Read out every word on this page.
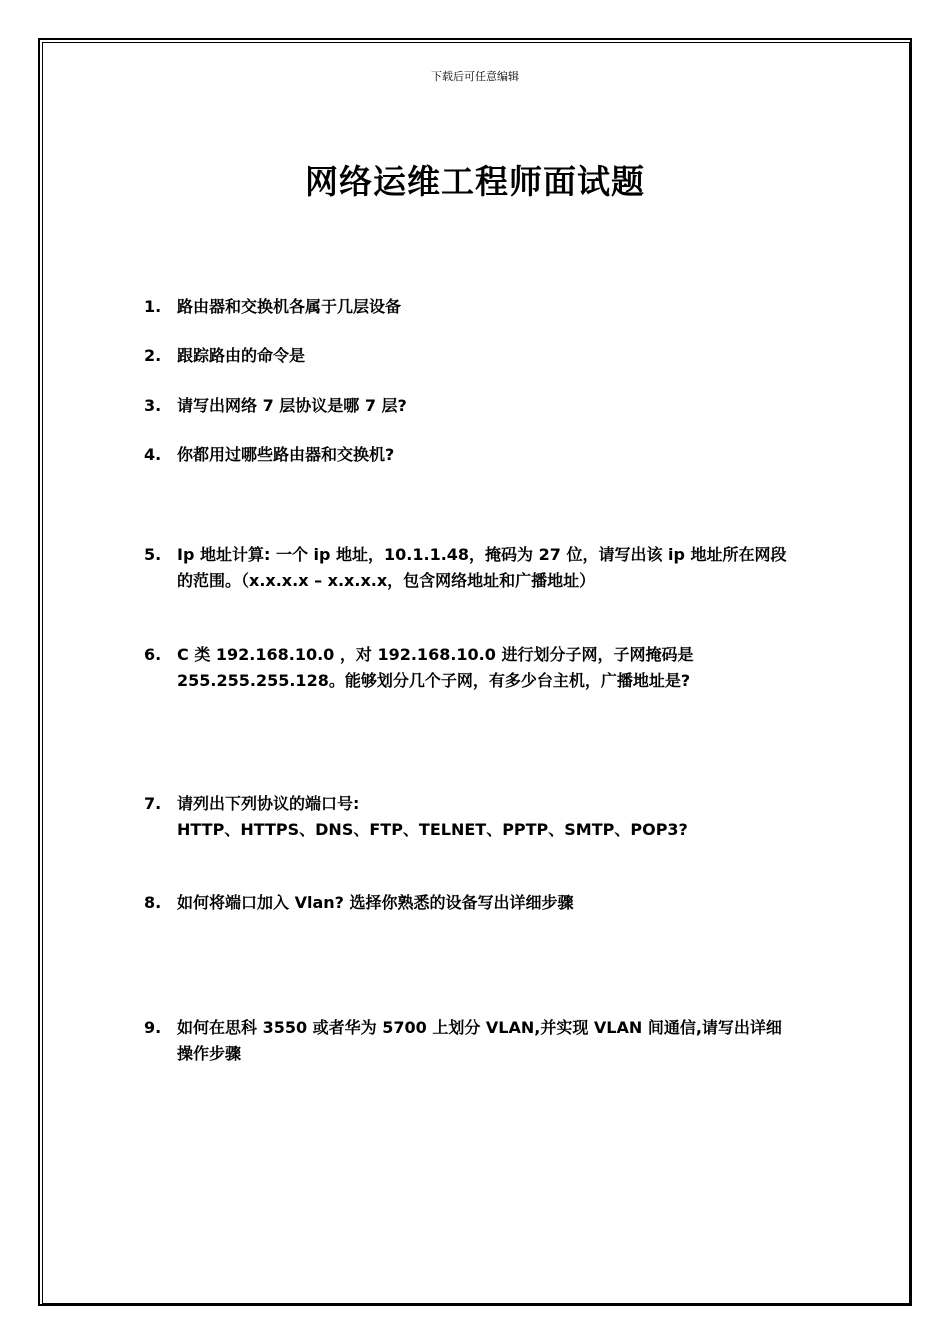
下载后可任意编辑
网络运维工程师面试题
1. 路由器和交换机各属于几层设备
2. 跟踪路由的命令是
3. 请写出网络 7 层协议是哪 7 层?
4. 你都用过哪些路由器和交换机?
5. Ip 地址计算: 一个 ip 地址，10.1.1.48，掩码为 27 位，请写出该 ip 地址所在网段
的范围。（x.x.x.x – x.x.x.x，包含网络地址和广播地址）
6. C 类 192.168.10.0 ，对 192.168.10.0 进行划分子网，子网掩码是
255.255.255.128。能够划分几个子网，有多少台主机，广播地址是?
7. 请列出下列协议的端口号:
HTTP、HTTPS、DNS、FTP、TELNET、PPTP、SMTP、POP3?
8. 如何将端口加入 Vlan? 选择你熟悉的设备写出详细步骤
9. 如何在思科 3550 或者华为 5700 上划分 VLAN,并实现 VLAN 间通信,请写出详细
操作步骤
